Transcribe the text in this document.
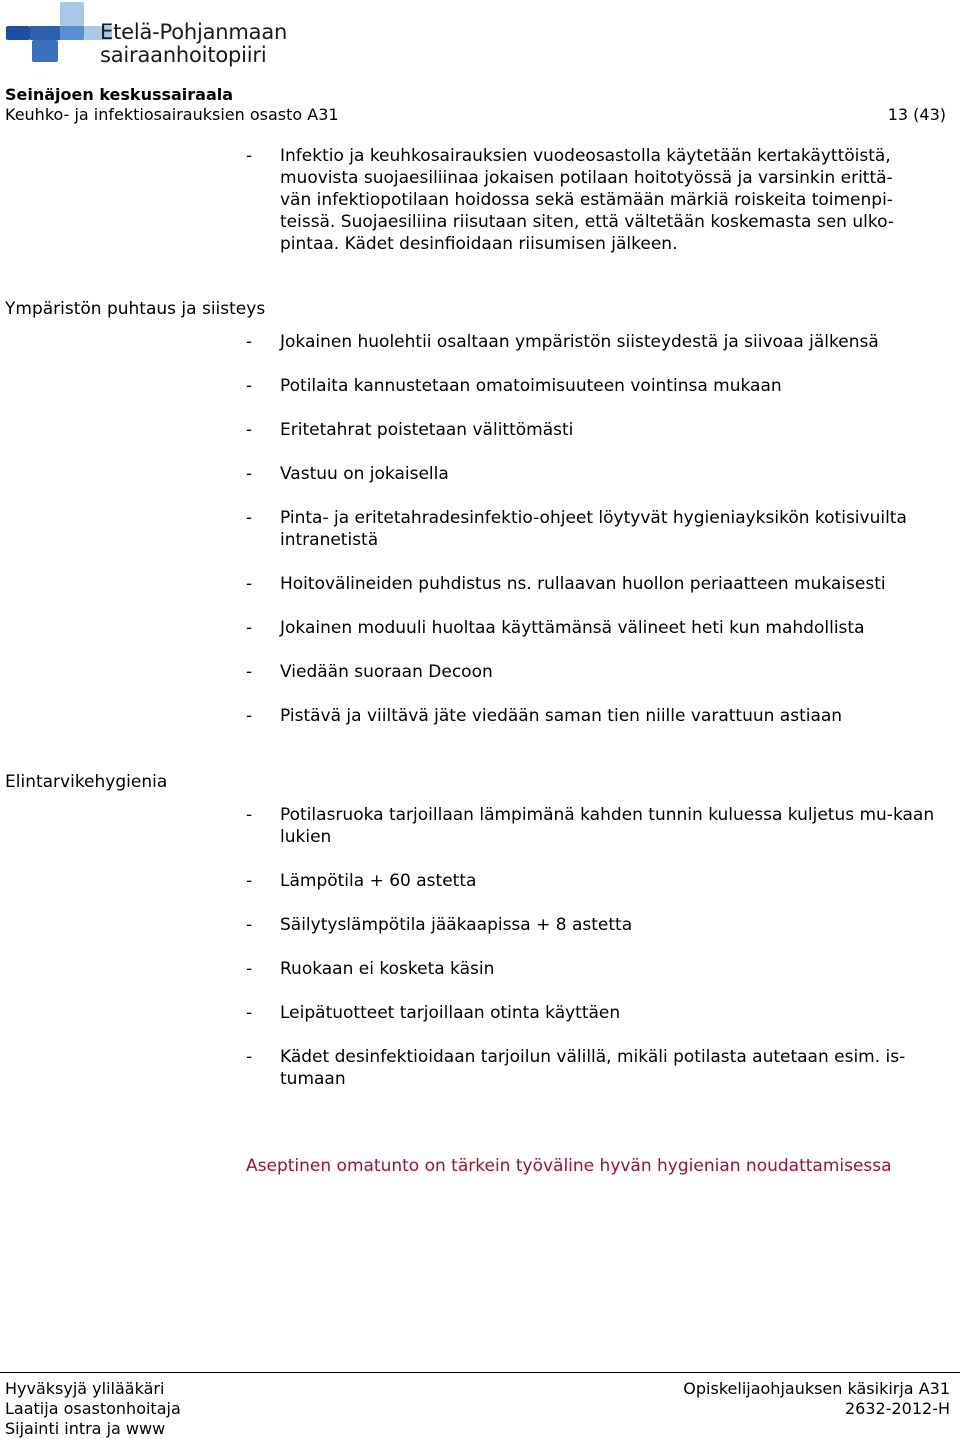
Etelä-Pohjanmaan
sairaanhoitopiiri
Seinäjoen keskussairaala
Keuhko- ja infektiosairauksien osasto A31	13 (43)
- Infektio ja keuhkosairauksien vuodeosastolla käytetään kertakäyttöistä,
muovista suojaesiliinaa jokaisen potilaan hoitotyössä ja varsinkin erittä-
vän infektiopotilaan hoidossa sekä estämään märkiä roiskeita toimenpi-
teissä. Suojaesiliina riisutaan siten, että vältetään koskemasta sen ulko-
pintaa. Kädet desinfioidaan riisumisen jälkeen.
Ympäristön puhtaus ja siisteys
- Jokainen huolehtii osaltaan ympäristön siisteydestä ja siivoaa jälkensä
- Potilaita kannustetaan omatoimisuuteen vointinsa mukaan
- Eritetahrat poistetaan välittömästi
- Vastuu on jokaisella
- Pinta- ja eritetahradesinfektio-ohjeet löytyvät hygieniayksikön kotisivuilta intranetistä
- Hoitovälineiden puhdistus ns. rullaavan huollon periaatteen mukaisesti
- Jokainen moduuli huoltaa käyttämänsä välineet heti kun mahdollista
- Viedään suoraan Decoon
- Pistävä ja viiltävä jäte viedään saman tien niille varattuun astiaan
Elintarvikehygienia
- Potilasruoka tarjoillaan lämpimänä kahden tunnin kuluessa kuljetus mu-kaan lukien
- Lämpötila + 60 astetta
- Säilytyslämpötila jääkaapissa + 8 astetta
- Ruokaan ei kosketa käsin
- Leipätuotteet tarjoillaan otinta käyttäen
- Kädet desinfektioidaan tarjoilun välillä, mikäli potilasta autetaan esim. is-tumaan
Aseptinen omatunto on tärkein työväline hyvän hygienian noudattamisessa
Hyväksyjä ylilääkäri
Laatija osastonhoitaja
Sijainti intra ja www
Opiskelijaohjauksen käsikirja A31
2632-2012-H
